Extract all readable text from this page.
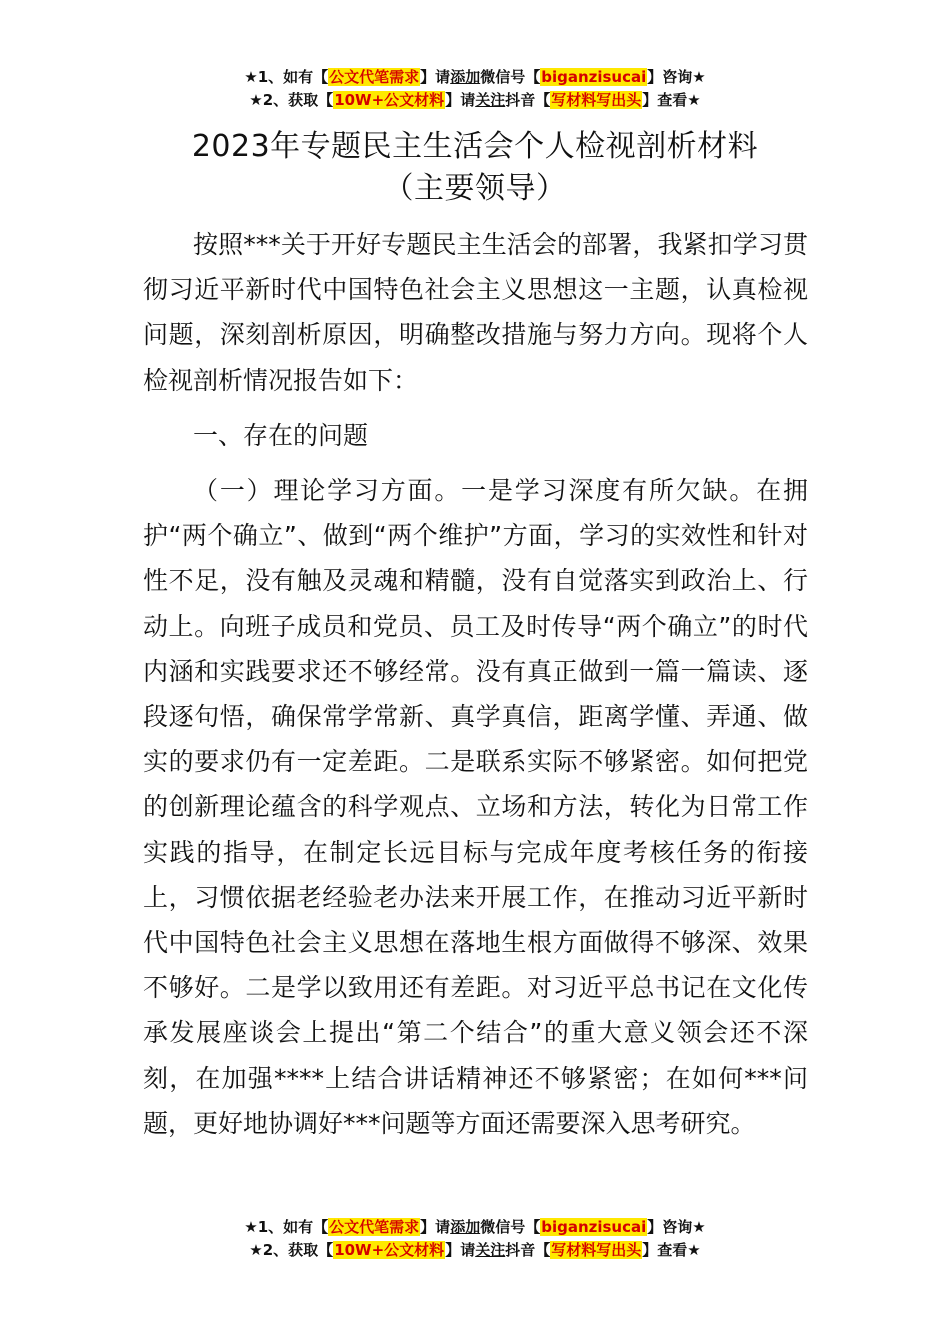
★1、如有【公文代笔需求】请添加微信号【biganzisucai】咨询★
★2、获取【10W+公文材料】请关注抖音【写材料写出头】查看★
2023年专题民主生活会个人检视剖析材料
（主要领导）

按照***关于开好专题民主生活会的部署，我紧扣学习贯彻习近平新时代中国特色社会主义思想这一主题，认真检视问题，深刻剖析原因，明确整改措施与努力方向。现将个人检视剖析情况报告如下：

一、存在的问题

（一）理论学习方面。一是学习深度有所欠缺。在拥护“两个确立”、做到“两个维护”方面，学习的实效性和针对性不足，没有触及灵魂和精髓，没有自觉落实到政治上、行动上。向班子成员和党员、员工及时传导“两个确立”的时代内涵和实践要求还不够经常。没有真正做到一篇一篇读、逐段逐句悟，确保常学常新、真学真信，距离学懂、弄通、做实的要求仍有一定差距。二是联系实际不够紧密。如何把党的创新理论蕴含的科学观点、立场和方法，转化为日常工作实践的指导，在制定长远目标与完成年度考核任务的衔接上，习惯依据老经验老办法来开展工作，在推动习近平新时代中国特色社会主义思想在落地生根方面做得不够深、效果不够好。二是学以致用还有差距。对习近平总书记在文化传承发展座谈会上提出“第二个结合”的重大意义领会还不深刻，在加强****上结合讲话精神还不够紧密；在如何***问题，更好地协调好***问题等方面还需要深入思考研究。

★1、如有【公文代笔需求】请添加微信号【biganzisucai】咨询★
★2、获取【10W+公文材料】请关注抖音【写材料写出头】查看★
